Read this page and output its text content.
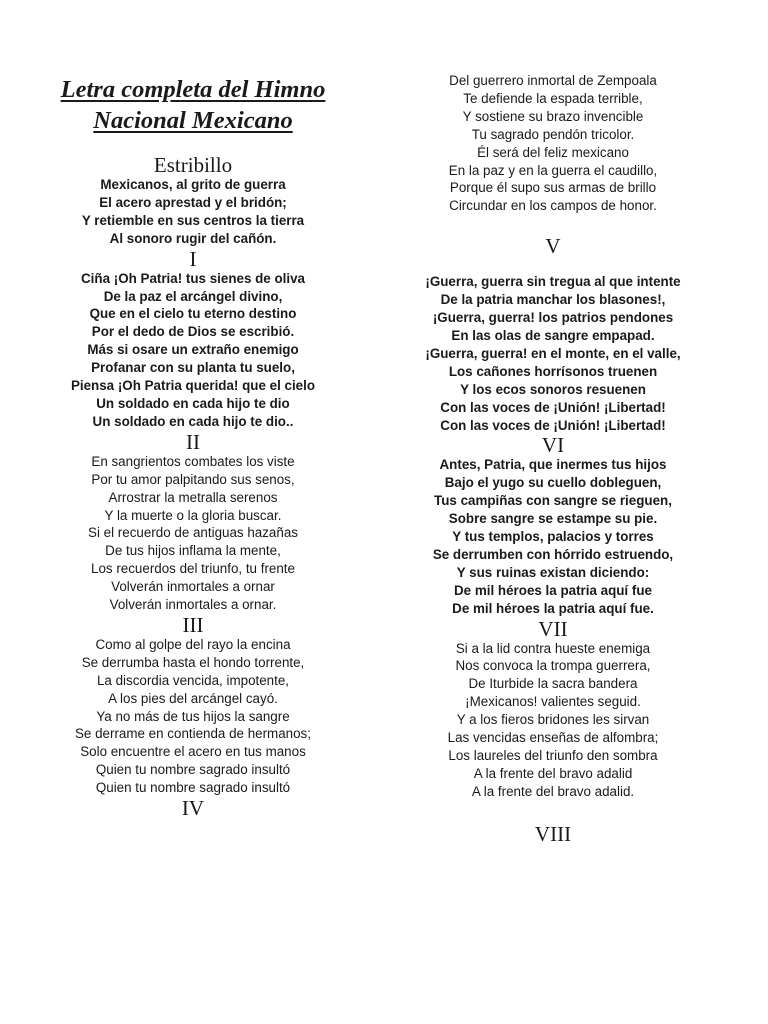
Letra completa del Himno Nacional Mexicano
Estribillo
Mexicanos, al grito de guerra
El acero aprestad y el bridón;
Y retiemble en sus centros la tierra
Al sonoro rugir del cañón.
I
Ciña ¡Oh Patria! tus sienes de oliva
De la paz el arcángel divino,
Que en el cielo tu eterno destino
Por el dedo de Dios se escribió.
Más si osare un extraño enemigo
Profanar con su planta tu suelo,
Piensa ¡Oh Patria querida! que el cielo
Un soldado en cada hijo te dio
Un soldado en cada hijo te dio..
II
En sangrientos combates los viste
Por tu amor palpitando sus senos,
Arrostrar la metralla serenos
Y la muerte o la gloria buscar.
Si el recuerdo de antiguas hazañas
De tus hijos inflama la mente,
Los recuerdos del triunfo, tu frente
Volverán inmortales a ornar
Volverán inmortales a ornar.
III
Como al golpe del rayo la encina
Se derrumba hasta el hondo torrente,
La discordia vencida, impotente,
A los pies del arcángel cayó.
Ya no más de tus hijos la sangre
Se derrame en contienda de hermanos;
Solo encuentre el acero en tus manos
Quien tu nombre sagrado insultó
Quien tu nombre sagrado insultó
IV
Del guerrero inmortal de Zempoala
Te defiende la espada terrible,
Y sostiene su brazo invencible
Tu sagrado pendón tricolor.
Él será del feliz mexicano
En la paz y en la guerra el caudillo,
Porque él supo sus armas de brillo
Circundar en los campos de honor.
V
¡Guerra, guerra sin tregua al que intente
De la patria manchar los blasones!,
¡Guerra, guerra! los patrios pendones
En las olas de sangre empapad.
¡Guerra, guerra! en el monte, en el valle,
Los cañones horrísonos truenen
Y los ecos sonoros resuenen
Con las voces de ¡Unión! ¡Libertad!
Con las voces de ¡Unión! ¡Libertad!
VI
Antes, Patria, que inermes tus hijos
Bajo el yugo su cuello dobleguen,
Tus campiñas con sangre se rieguen,
Sobre sangre se estampe su pie.
Y tus templos, palacios y torres
Se derrumben con hórrido estruendo,
Y sus ruinas existan diciendo:
De mil héroes la patria aquí fue
De mil héroes la patria aquí fue.
VII
Si a la lid contra hueste enemiga
Nos convoca la trompa guerrera,
De Iturbide la sacra bandera
¡Mexicanos! valientes seguid.
Y a los fieros bridones les sirvan
Las vencidas enseñas de alfombra;
Los laureles del triunfo den sombra
A la frente del bravo adalid
A la frente del bravo adalid.
VIII
